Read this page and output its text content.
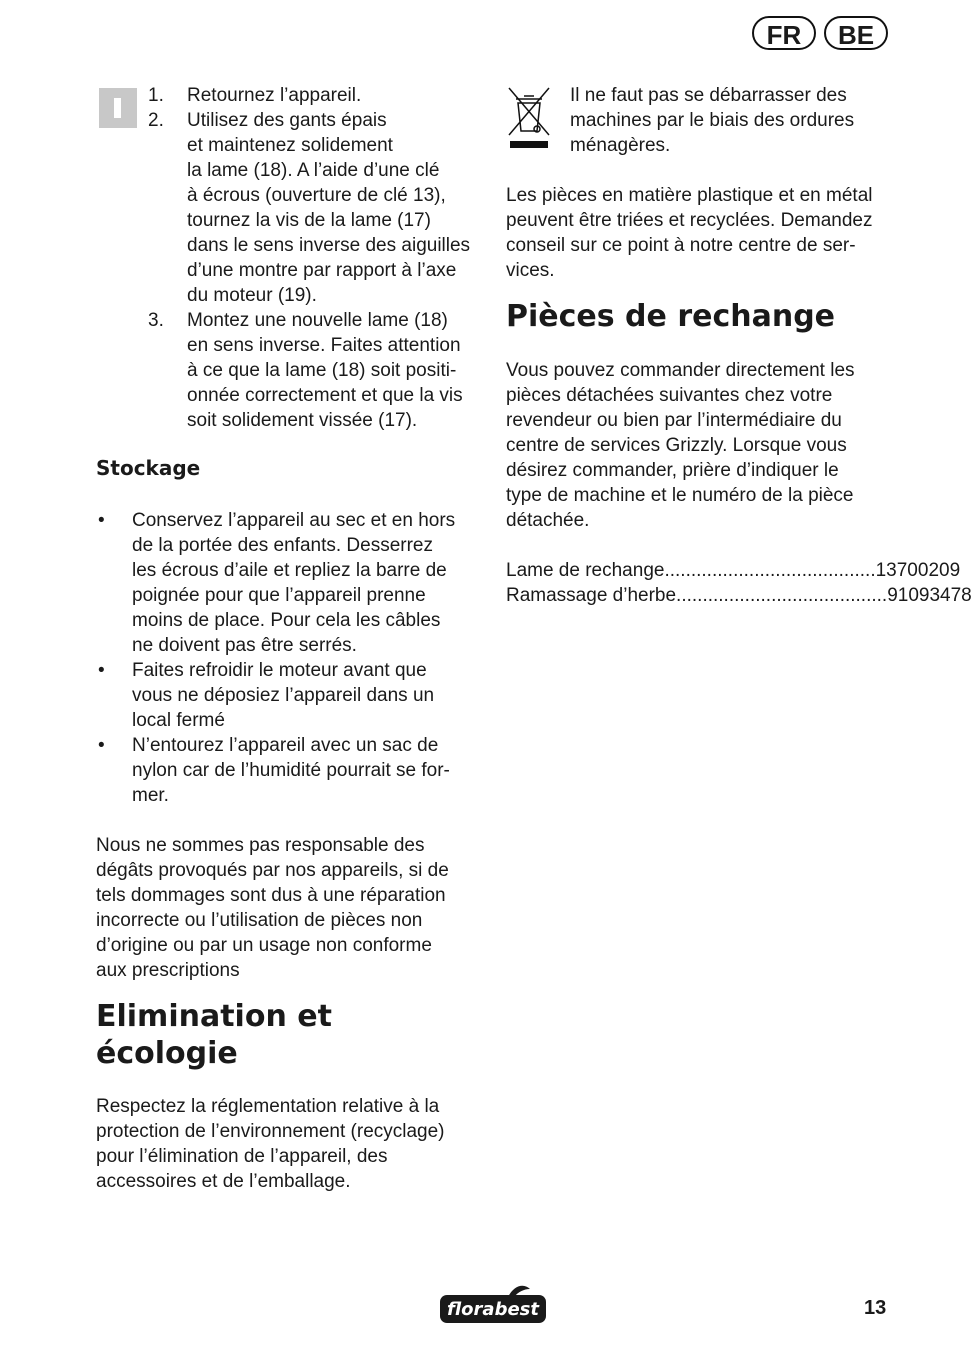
FR	BE
1. Retournez l’appareil.
2. Utilisez des gants épais
et maintenez solidement
la lame (18). A l’aide d’une clé
à écrous (ouverture de clé 13),
tournez la vis de la lame (17)
dans le sens inverse des aiguilles
d’une montre par rapport à l’axe
du moteur (19).
3. Montez une nouvelle lame (18)
en sens inverse. Faites attention
à ce que la lame (18) soit positi-
onnée correctement et que la vis
soit solidement vissée (17).
Stockage
• Conservez l’appareil au sec et en hors
de la portée des enfants. Desserrez
les écrous d’aile et repliez la barre de
poignée pour que l’appareil prenne
moins de place. Pour cela les câbles
ne doivent pas être serrés.
• Faites refroidir le moteur avant que
vous ne déposiez l’appareil dans un
local fermé
• N’entourez l’appareil avec un sac de
nylon car de l’humidité pourrait se for-
mer.
Nous ne sommes pas responsable des
dégâts provoqués par nos appareils, si de
tels dommages sont dus à une réparation
incorrecte ou l’utilisation de pièces non
d’origine ou par un usage non conforme
aux prescriptions
Elimination et
écologie
Respectez la réglementation relative à la
protection de l’environnement (recyclage)
pour l’élimination de l’appareil, des
accessoires et de l’emballage.
Il ne faut pas se débarrasser des
machines par le biais des ordures
ménagères.
Les pièces en matière plastique et en métal
peuvent être triées et recyclées. Demandez
conseil sur ce point à notre centre de ser-
vices.
Pièces de rechange
Vous pouvez commander directement les
pièces détachées suivantes chez votre
revendeur ou bien par l’intermédiaire du
centre de services Grizzly. Lorsque vous
désirez commander, prière d’indiquer le
type de machine et le numéro de la pièce
détachée.
Lame de rechange ........................................ 13700209
Ramassage d’herbe ........................................ 91093478
florabest	13
